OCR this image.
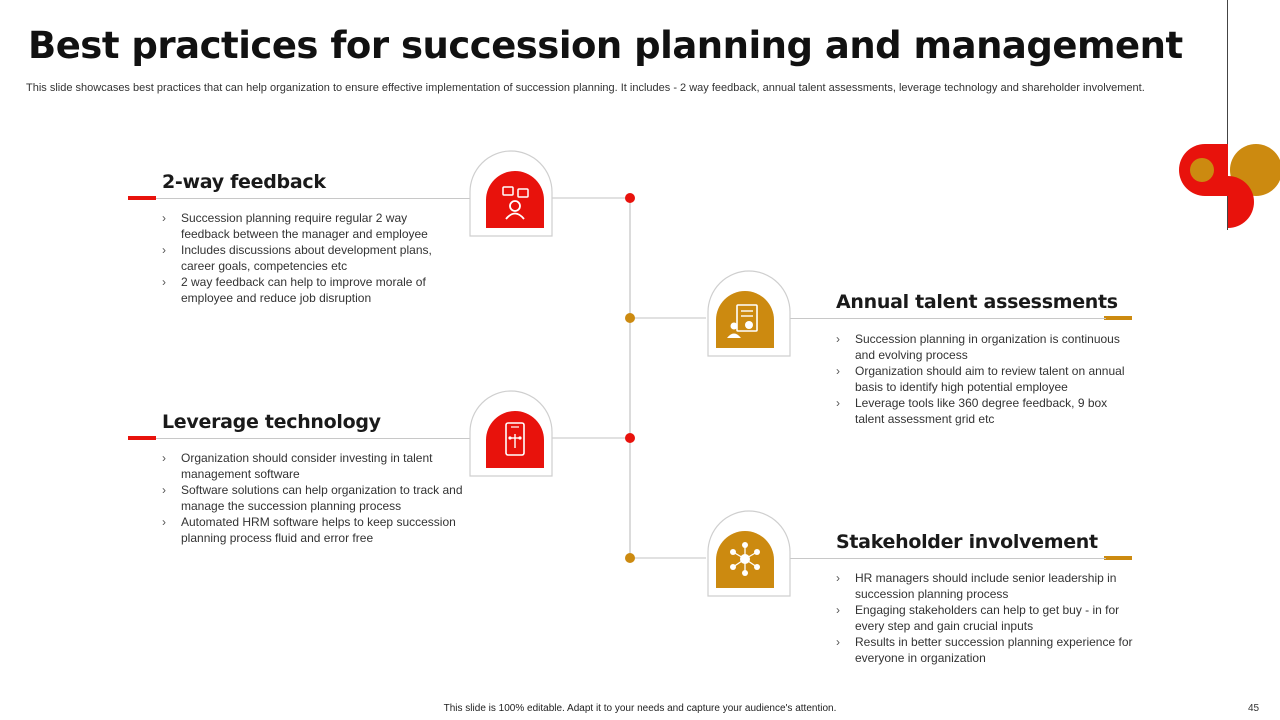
Best practices for succession planning and management
This slide showcases best practices that can help organization to ensure effective implementation of succession planning. It includes - 2 way feedback, annual talent assessments, leverage technology and shareholder involvement.
2-way feedback
› Succession planning require regular 2 way feedback between the manager and employee
› Includes discussions about development plans, career goals, competencies etc
› 2 way feedback can help to improve morale of employee and reduce job disruption	Annual talent assessments
› Succession planning in organization is continuous and evolving process
› Organization should aim to review talent on annual basis to identify high potential employee
› Leverage tools like 360 degree feedback, 9 box talent assessment grid etc
Leverage technology
› Organization should consider investing in talent management software
› Software solutions can help organization to track and manage the succession planning process
› Automated HRM software helps to keep succession planning process fluid and error free	Stakeholder involvement
› HR managers should include senior leadership in succession planning process
› Engaging stakeholders can help to get buy - in for every step and gain crucial inputs
› Results in better succession planning experience for everyone in organization
This slide is 100% editable. Adapt it to your needs and capture your audience's attention.	45
